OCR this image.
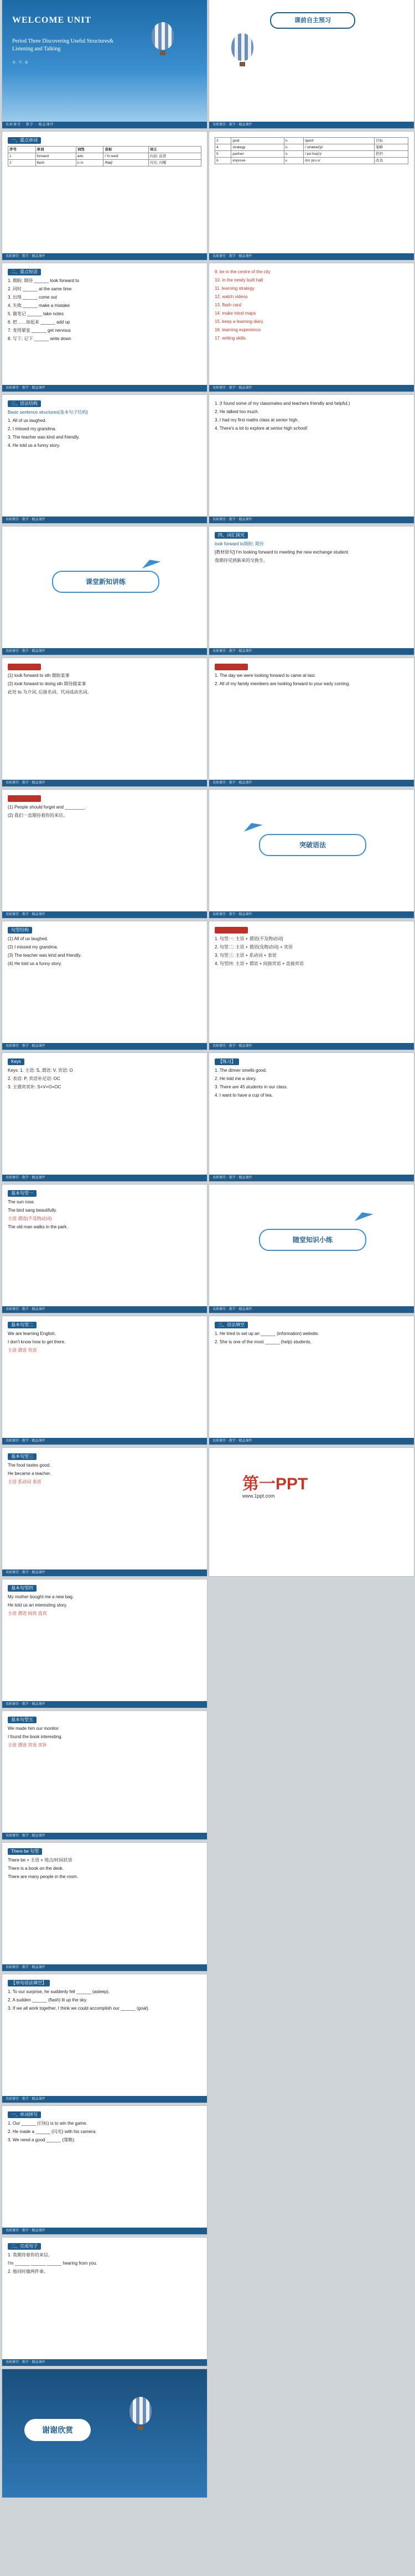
WELCOME UNIT
Period Three Discovering Useful Structures& Listening and Talking
导 · 学 · 案
名师课堂 · 教学 · 精品课件
一、重点单词
序号	单词	词性	音标	词义
1	forward	adv.	/ˈfɔːwəd/	向前; 前进
2	flash	n./v.	/flæʃ/	闪光; 闪耀
名师课堂 · 教学 · 精品课件
二、重点短语

1. 期盼; 期待 ______ look forward to

2. 同时 ______ at the same time

3. 出现 ______ come out

4. 失败 ______ make a mistake

5. 做笔记 ______ take notes

6. 把……加起来 ______ add up

7. 变得紧张 ______ get nervous

8. 写下; 记下 ______ write down

名师课堂 · 教学 · 精品课件
三、语法结构

Basic sentence structures(基本句子结构)

1. All of us laughed.

2. I missed my grandma.

3. The teacher was kind and friendly.

4. He told us a funny story.

名师课堂 · 教学 · 精品课件
课堂新知讲练
名师课堂 · 教学 · 精品课件
【用法详解】

(1) look forward to sth 期盼某事

(2) look forward to doing sth 期待做某事

此处 to 为介词, 后接名词、代词或动名词。

名师课堂 · 教学 · 精品课件
【易混辨析】

(1) People should forget and ________.

(2) 我们一直期待着你的来访。

名师课堂 · 教学 · 精品课件
句型结构

(1) All of us laughed.

(2) I missed my grandma.

(3) The teacher was kind and friendly.

(4) He told us a funny story.

名师课堂 · 教学 · 精品课件
Keys

Keys: 1. 主语: S, 谓语: V, 宾语: O

2. 表语: P, 宾语补足语: OC

3. 主谓宾宾补: S+V+O+OC

名师课堂 · 教学 · 精品课件
基本句型一

The sun rose.

The bird sang beautifully.

主语 谓语(不及物动词)

The old man walks in the park.

名师课堂 · 教学 · 精品课件
基本句型二

We are learning English.

I don't know how to get there.

主语 谓语 宾语

名师课堂 · 教学 · 精品课件
基本句型三

The food tastes good.

He became a teacher.

主语 系动词 表语

名师课堂 · 教学 · 精品课件
基本句型四

My mother bought me a new bag.

He told us an interesting story.

主语 谓语 间宾 直宾

名师课堂 · 教学 · 精品课件
基本句型五

We made him our monitor.

I found the book interesting.

主语 谓语 宾语 宾补

名师课堂 · 教学 · 精品课件
There be 句型

There be + 主语 + 地点/时间状语

There is a book on the desk.

There are many people in the room.

名师课堂 · 教学 · 精品课件
【单句语法填空】

1. To our surprise, he suddenly fell ______ (asleep).

2. A sudden ______ (flash) lit up the sky.

3. If we all work together, I think we could accomplish our ______ (goal).

名师课堂 · 教学 · 精品课件
一、单词拼写

1. Our ______ (目标) is to win the game.

2. He made a ______ (闪光) with his camera.

3. We need a good ______ (策略).

名师课堂 · 教学 · 精品课件
二、完成句子

1. 我期待着你的来信。

I'm ______ ______ ______ hearing from you.

2. 他同时做两件事。

名师课堂 · 教学 · 精品课件
谢谢欣赏
课前自主预习
名师课堂 · 教学 · 精品课件
3	goal	n.	/ɡəʊl/	目标
4	strategy	n.	/ˈstrætədʒi/	策略
5	partner	n.	/ˈpɑːtnə(r)/	搭档
6	improve	v.	/ɪmˈpruːv/	改善
名师课堂 · 教学 · 精品课件

9. be in the centre of the city

10. in the newly built hall

11. learning strategy

12. watch videos

13. flash card

14. make mind maps

15. keep a learning diary

16. learning experience

17. writing skills

名师课堂 · 教学 · 精品课件

1. (I found some of my classmates and teachers friendly and helpful.)

2. He talked too much.

3. I had my first maths class at senior high.

4. There's a lot to explore at senior high school!

名师课堂 · 教学 · 精品课件
四、词汇探究

look forward to期盼; 期待

[教材原句] I'm looking forward to meeting the new exchange student.

我期待见到新来的交换生。

名师课堂 · 教学 · 精品课件
【即学活用】

1. The day we were looking forward to came at last.

2. All of my family members are looking forward to your early coming.

名师课堂 · 教学 · 精品课件
突破语法
名师课堂 · 教学 · 精品课件
【即学即练】

1. 句型一: 主语 + 谓语(不及物动词)

2. 句型二: 主语 + 谓语(及物动词) + 宾语

3. 句型三: 主语 + 系动词 + 表语

4. 句型四: 主语 + 谓语 + 间接宾语 + 直接宾语

名师课堂 · 教学 · 精品课件
【练习】

1. The dinner smells good.

2. He told me a story.

3. There are 45 students in our class.

4. I want to have a cup of tea.

名师课堂 · 教学 · 精品课件
随堂知识小练
名师课堂 · 教学 · 精品课件
三、语法填空

1. He tried to set up an ______ (information) website.

2. She is one of the most ______ (help) students.

名师课堂 · 教学 · 精品课件
第一PPT
www.1ppt.com
